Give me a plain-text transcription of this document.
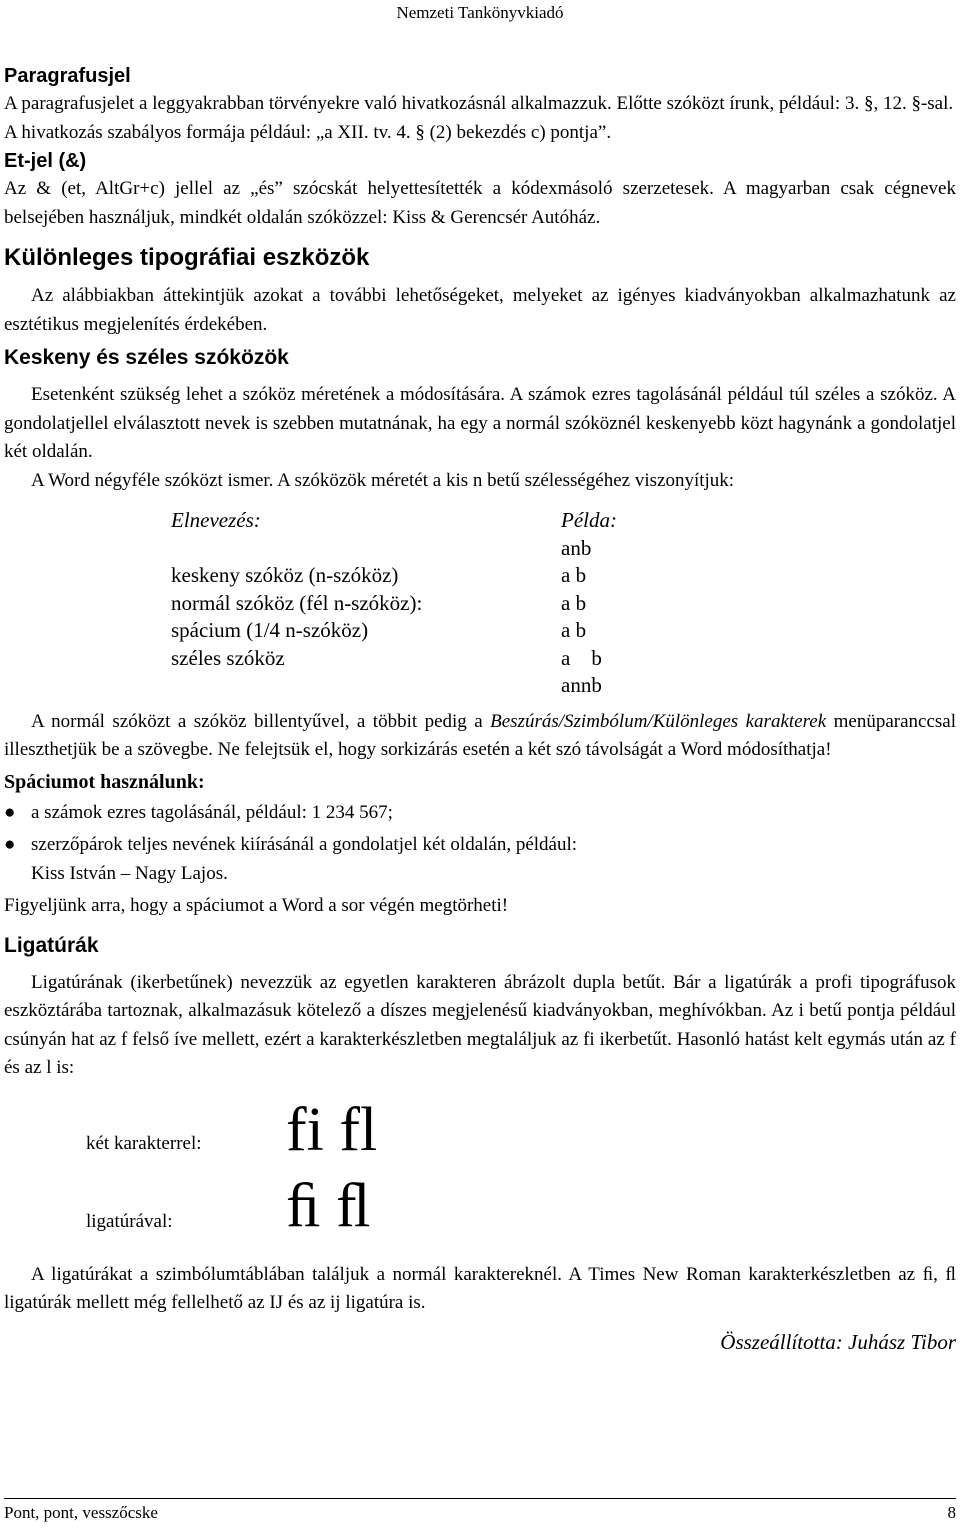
Nemzeti Tankönyvkiadó
Paragrafusjel

A paragrafusjelet a leggyakrabban törvényekre való hivatkozásnál alkalmazzuk. Előtte szóközt írunk, például: 3. §, 12. §-sal.

A hivatkozás szabályos formája például: „a XII. tv. 4. § (2) bekezdés c) pontja”.

Et-jel (&)

Az & (et, AltGr+c) jellel az „és” szócskát helyettesítették a kódexmásoló szerzetesek. A magyarban csak cégnevek belsejében használjuk, mindkét oldalán szóközzel: Kiss & Gerencsér Autóház.

Különleges tipográfiai eszközök

Az alábbiakban áttekintjük azokat a további lehetőségeket, melyeket az igényes kiadványokban alkalmazhatunk az esztétikus megjelenítés érdekében.

Keskeny és széles szóközök

Esetenként szükség lehet a szóköz méretének a módosítására. A számok ezres tagolásánál például túl széles a szóköz. A gondolatjellel elválasztott nevek is szebben mutatnának, ha egy a normál szóköznél keskenyebb közt hagynánk a gondolatjel két oldalán.

A Word négyféle szóközt ismer. A szóközök méretét a kis n betű szélességéhez viszonyítjuk:

Elnevezés:	Példa:
	anb
keskeny szóköz (n-szóköz)	a b
normál szóköz (fél n-szóköz):	a b
spácium (1/4 n-szóköz)	a b
széles szóköz	a    b
	annb

A normál szóközt a szóköz billentyűvel, a többit pedig a Beszúrás/Szimbólum/Különleges karakterek menüparanccsal illeszthetjük be a szövegbe. Ne felejtsük el, hogy sorkizárás esetén a két szó távolságát a Word módosíthatja!

Spáciumot használunk:
● a számok ezres tagolásánál, például: 1 234 567;
● szerzőpárok teljes nevének kiírásánál a gondolatjel két oldalán, például:
Kiss István – Nagy Lajos.

Figyeljünk arra, hogy a spáciumot a Word a sor végén megtörheti!

Ligatúrák

Ligatúrának (ikerbetűnek) nevezzük az egyetlen karakteren ábrázolt dupla betűt. Bár a ligatúrák a profi tipográfusok eszköztárába tartoznak, alkalmazásuk kötelező a díszes megjelenésű kiadványokban, meghívókban. Az i betű pontja például csúnyán hat az f felső íve mellett, ezért a karakterkészletben megtaláljuk az fi ikerbetűt. Hasonló hatást kelt egymás után az f és az l is:

két karakterrel: fi fl
ligatúrával: ﬁ ﬂ

A ligatúrákat a szimbólumtáblában találjuk a normál karaktereknél. A Times New Roman karakterkészletben az ﬁ, ﬂ ligatúrák mellett még fellelhető az IJ és az ij ligatúra is.

Összeállította: Juhász Tibor
Pont, pont, vesszőcske	8
